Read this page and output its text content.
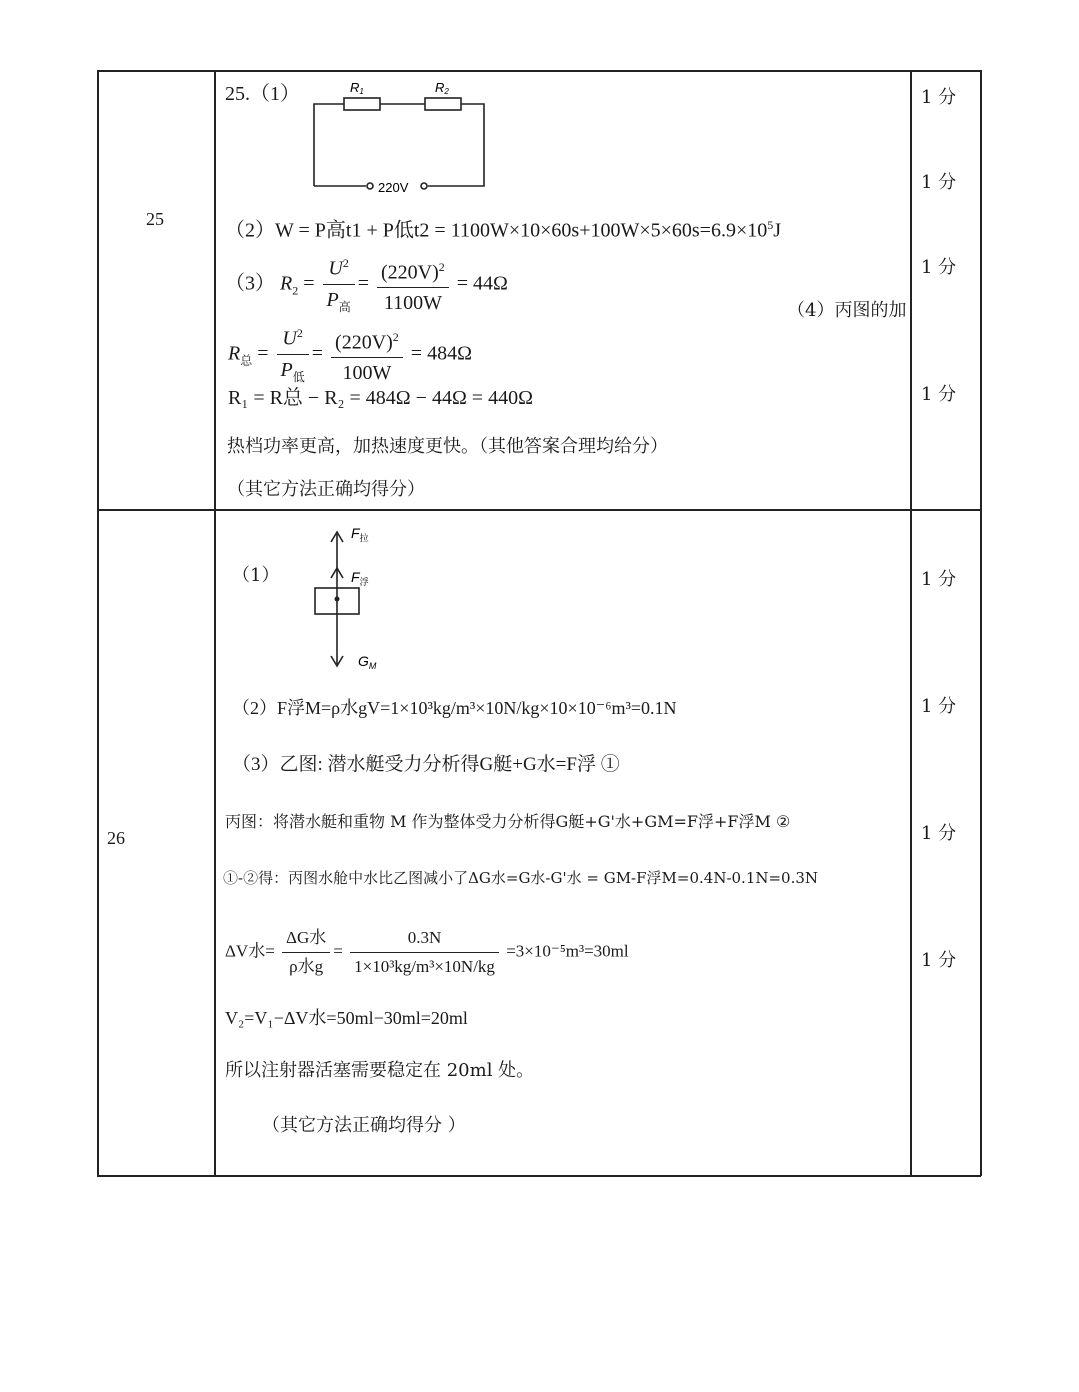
25
25.（1）	R1	R2
220V
（2）W = P高t1 + P低$t2 = 1100W\times 10\times 60s+100W\times 5\times 60s=6.9\times 10^5J$
（3） $R_2 = \frac{U^2}{P_高} = \frac{(220V)^2}{1100W} = 44\Omega$
（4）丙图的加
$R_总 = \frac{U^2}{P_低} = \frac{(220V)^2}{100W} = 484\Omega$
R₁ = R总 − R₂ = 484Ω − 44Ω = 440Ω
热档功率更高，加热速度更快。（其他答案合理均给分）
（其它方法正确均得分）
1 分
1 分
1 分
1 分
26
（1）
$F_拉$
$F_浮$
$G_M$
（2）F浮M=ρ水gV=1×10³kg/m³×10N/kg×10×10⁻⁶m³=0.1N
（3）乙图: 潜水艇受力分析得G艇+G水=F浮 ①
丙图：将潜水艇和重物 M 作为整体受力分析得G艇+G'水+GM=F浮+F浮M ②
①-②得：丙图水舱中水比乙图减小了ΔG水=G水-G'水 = GM-F浮M=0.4N-0.1N=0.3N
ΔV水= $\frac{\text{ΔG水}}{\text{ρ水g}} = \frac{0.3N}{\text{1×10³kg/m³×10N/kg}} =3\times 10^{-5}m^3=30ml$
V₂=V₁−ΔV水=50ml−30ml=20ml
所以注射器活塞需要稳定在 20ml 处。
（其它方法正确均得分 ）
1 分
1 分
1 分
1 分
